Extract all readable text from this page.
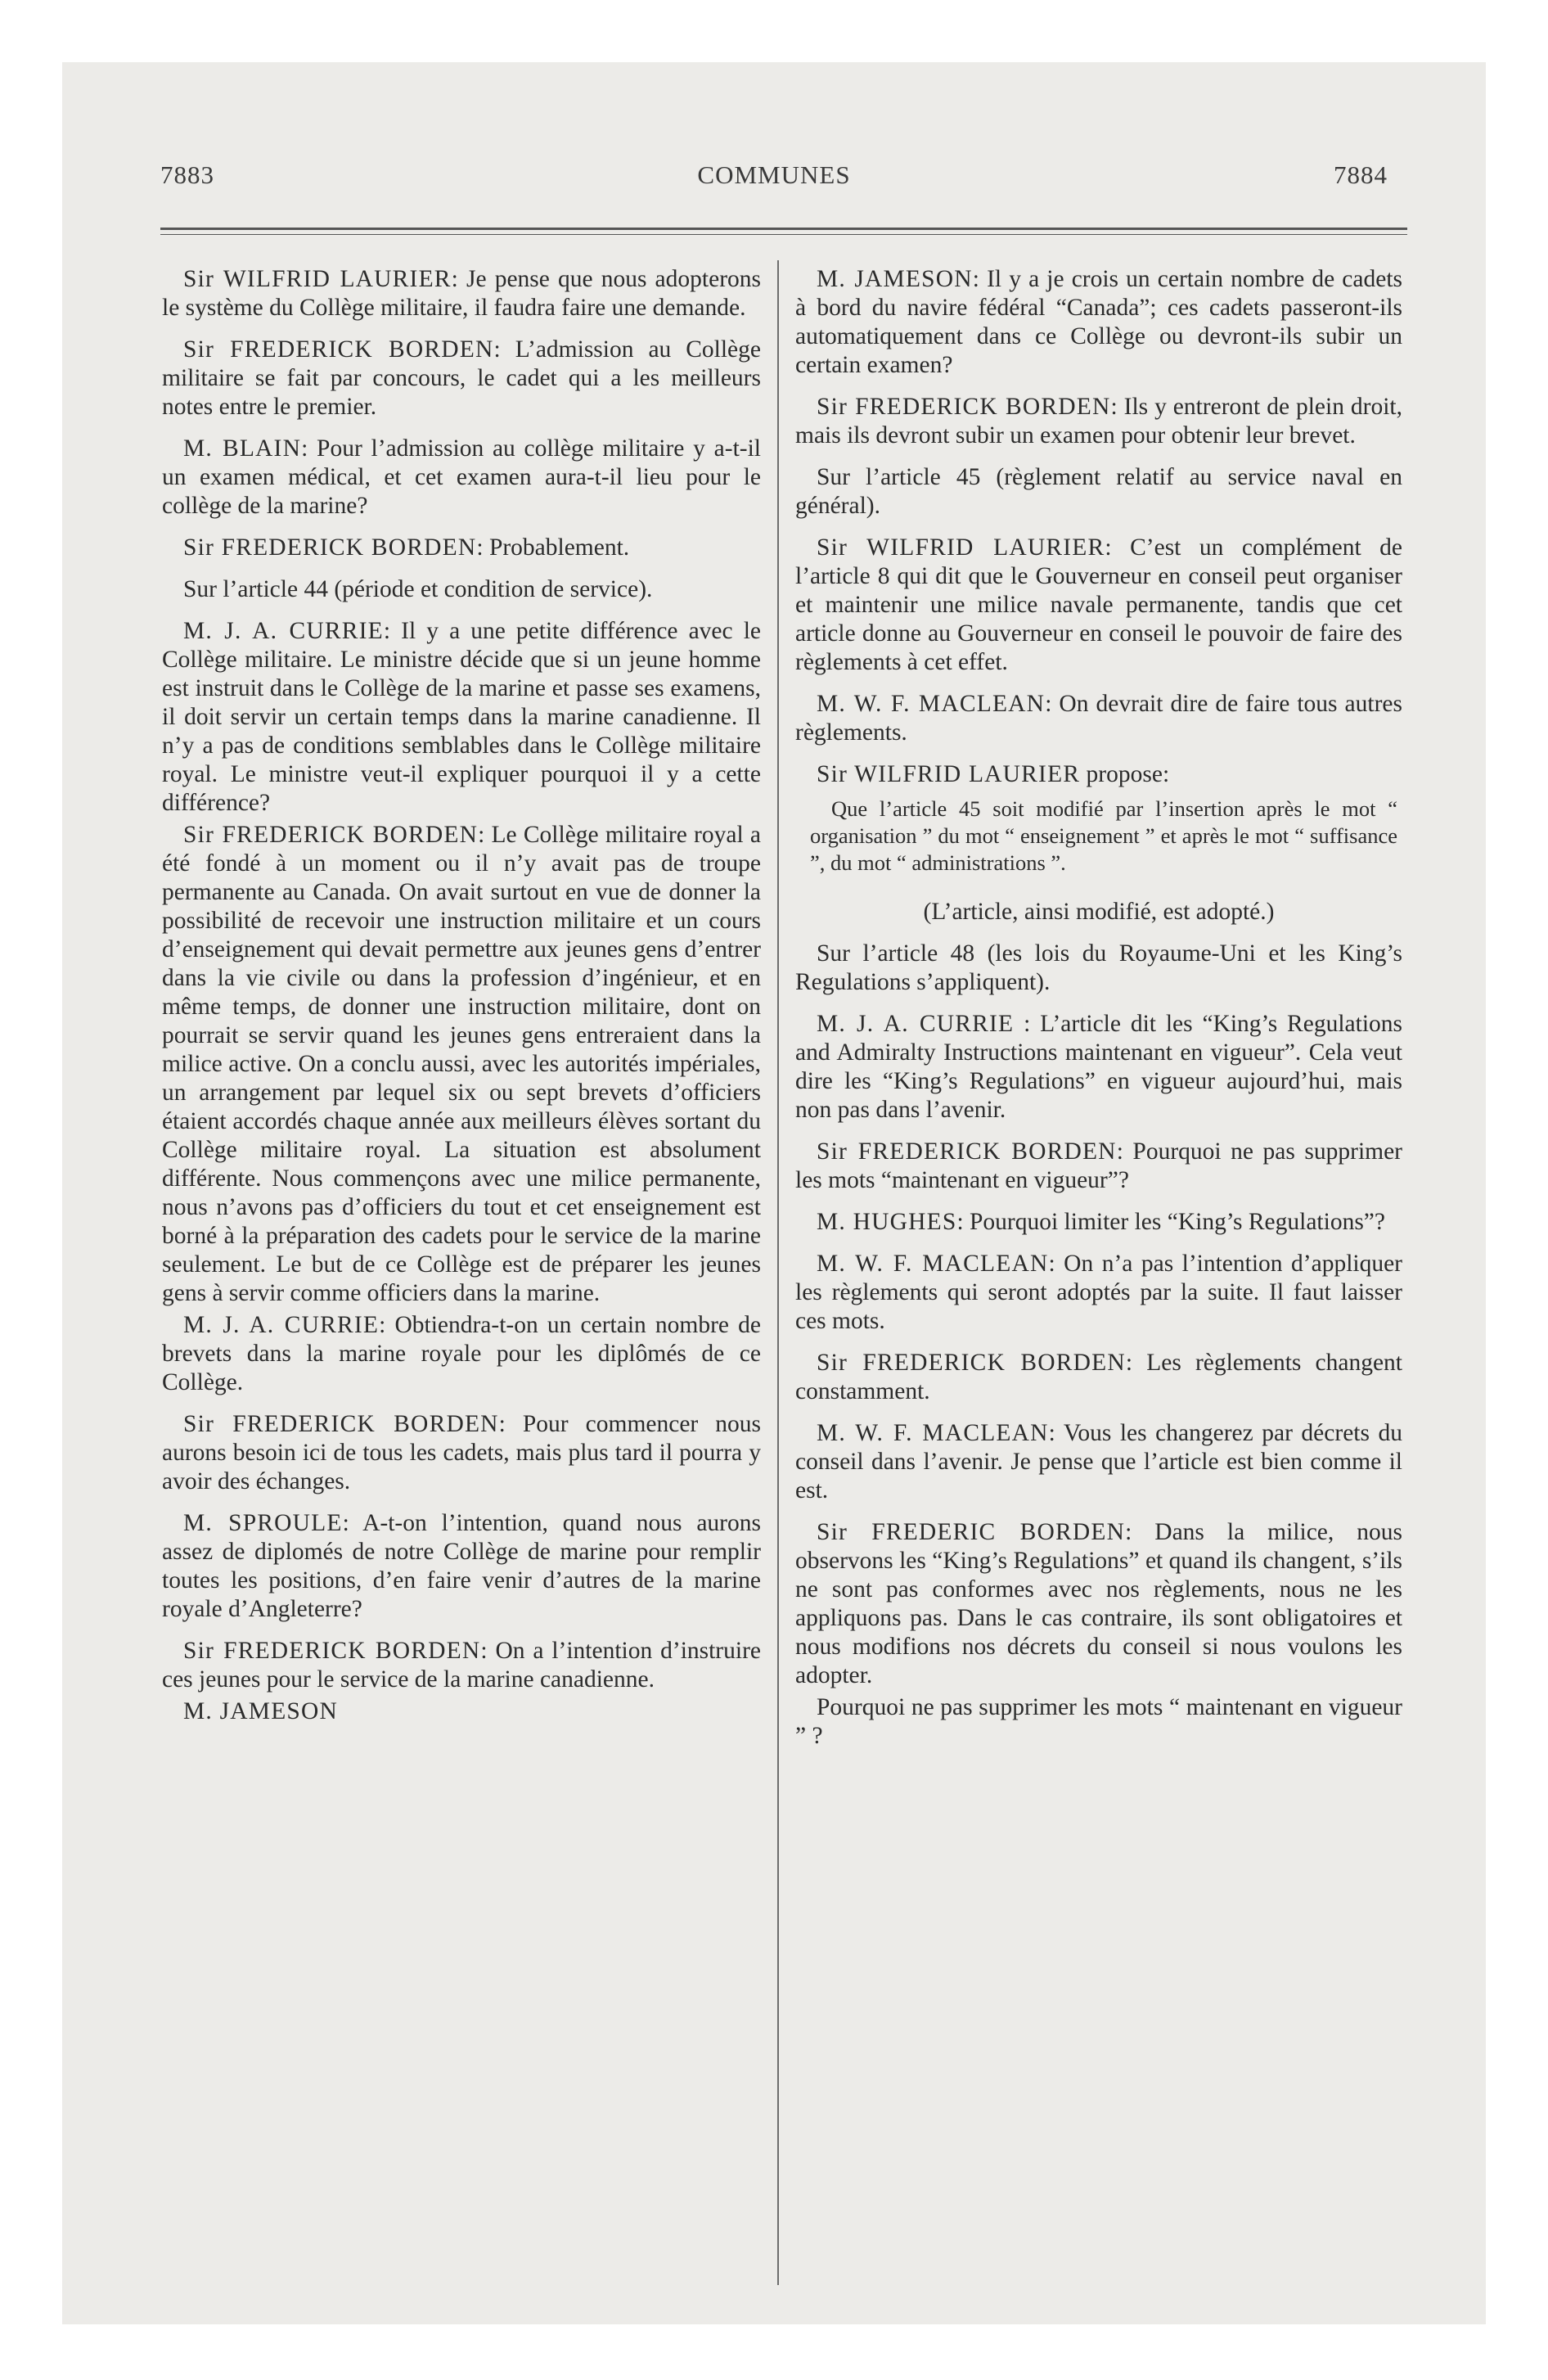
7883	COMMUNES	7884

Sir WILFRID LAURIER: Je pense que nous adopterons le système du Collège militaire, il faudra faire une demande.

Sir FREDERICK BORDEN: L’admission au Collège militaire se fait par concours, le cadet qui a les meilleurs notes entre le premier.

M. BLAIN: Pour l’admission au collège militaire y a-t-il un examen médical, et cet examen aura-t-il lieu pour le collège de la marine?

Sir FREDERICK BORDEN: Probablement.

Sur l’article 44 (période et condition de service).

M. J. A. CURRIE: Il y a une petite différence avec le Collège militaire. Le ministre décide que si un jeune homme est instruit dans le Collège de la marine et passe ses examens, il doit servir un certain temps dans la marine canadienne. Il n’y a pas de conditions semblables dans le Collège militaire royal. Le ministre veut-il expliquer pourquoi il y a cette différence?

Sir FREDERICK BORDEN: Le Collège militaire royal a été fondé à un moment ou il n’y avait pas de troupe permanente au Canada. On avait surtout en vue de donner la possibilité de recevoir une instruction militaire et un cours d’enseignement qui devait permettre aux jeunes gens d’entrer dans la vie civile ou dans la profession d’ingénieur, et en même temps, de donner une instruction militaire, dont on pourrait se servir quand les jeunes gens entreraient dans la milice active. On a conclu aussi, avec les autorités impériales, un arrangement par lequel six ou sept brevets d’officiers étaient accordés chaque année aux meilleurs élèves sortant du Collège militaire royal. La situation est absolument différente. Nous commençons avec une milice permanente, nous n’avons pas d’officiers du tout et cet enseignement est borné à la préparation des cadets pour le service de la marine seulement. Le but de ce Collège est de préparer les jeunes gens à servir comme officiers dans la marine.

M. J. A. CURRIE: Obtiendra-t-on un certain nombre de brevets dans la marine royale pour les diplômés de ce Collège.

Sir FREDERICK BORDEN: Pour commencer nous aurons besoin ici de tous les cadets, mais plus tard il pourra y avoir des échanges.

M. SPROULE: A-t-on l’intention, quand nous aurons assez de diplomés de notre Collège de marine pour remplir toutes les positions, d’en faire venir d’autres de la marine royale d’Angleterre?

Sir FREDERICK BORDEN: On a l’intention d’instruire ces jeunes pour le service de la marine canadienne.

M. JAMESON

M. JAMESON: Il y a je crois un certain nombre de cadets à bord du navire fédéral “Canada”; ces cadets passeront-ils automatiquement dans ce Collège ou devront-ils subir un certain examen?

Sir FREDERICK BORDEN: Ils y entreront de plein droit, mais ils devront subir un examen pour obtenir leur brevet.

Sur l’article 45 (règlement relatif au service naval en général).

Sir WILFRID LAURIER: C’est un complément de l’article 8 qui dit que le Gouverneur en conseil peut organiser et maintenir une milice navale permanente, tandis que cet article donne au Gouverneur en conseil le pouvoir de faire des règlements à cet effet.

M. W. F. MACLEAN: On devrait dire de faire tous autres règlements.

Sir WILFRID LAURIER propose:

Que l’article 45 soit modifié par l’insertion après le mot “ organisation ” du mot “ enseignement ” et après le mot “ suffisance ”, du mot “ administrations ”.

(L’article, ainsi modifié, est adopté.)

Sur l’article 48 (les lois du Royaume-Uni et les King’s Regulations s’appliquent).

M. J. A. CURRIE : L’article dit les “King’s Regulations and Admiralty Instructions maintenant en vigueur”. Cela veut dire les “King’s Regulations” en vigueur aujourd’hui, mais non pas dans l’avenir.

Sir FREDERICK BORDEN: Pourquoi ne pas supprimer les mots “maintenant en vigueur”?

M. HUGHES: Pourquoi limiter les “King’s Regulations”?

M. W. F. MACLEAN: On n’a pas l’intention d’appliquer les règlements qui seront adoptés par la suite. Il faut laisser ces mots.

Sir FREDERICK BORDEN: Les règlements changent constamment.

M. W. F. MACLEAN: Vous les changerez par décrets du conseil dans l’avenir. Je pense que l’article est bien comme il est.

Sir FREDERIC BORDEN: Dans la milice, nous observons les “King’s Regulations” et quand ils changent, s’ils ne sont pas conformes avec nos règlements, nous ne les appliquons pas. Dans le cas contraire, ils sont obligatoires et nous modifions nos décrets du conseil si nous voulons les adopter.

Pourquoi ne pas supprimer les mots “ maintenant en vigueur ” ?
